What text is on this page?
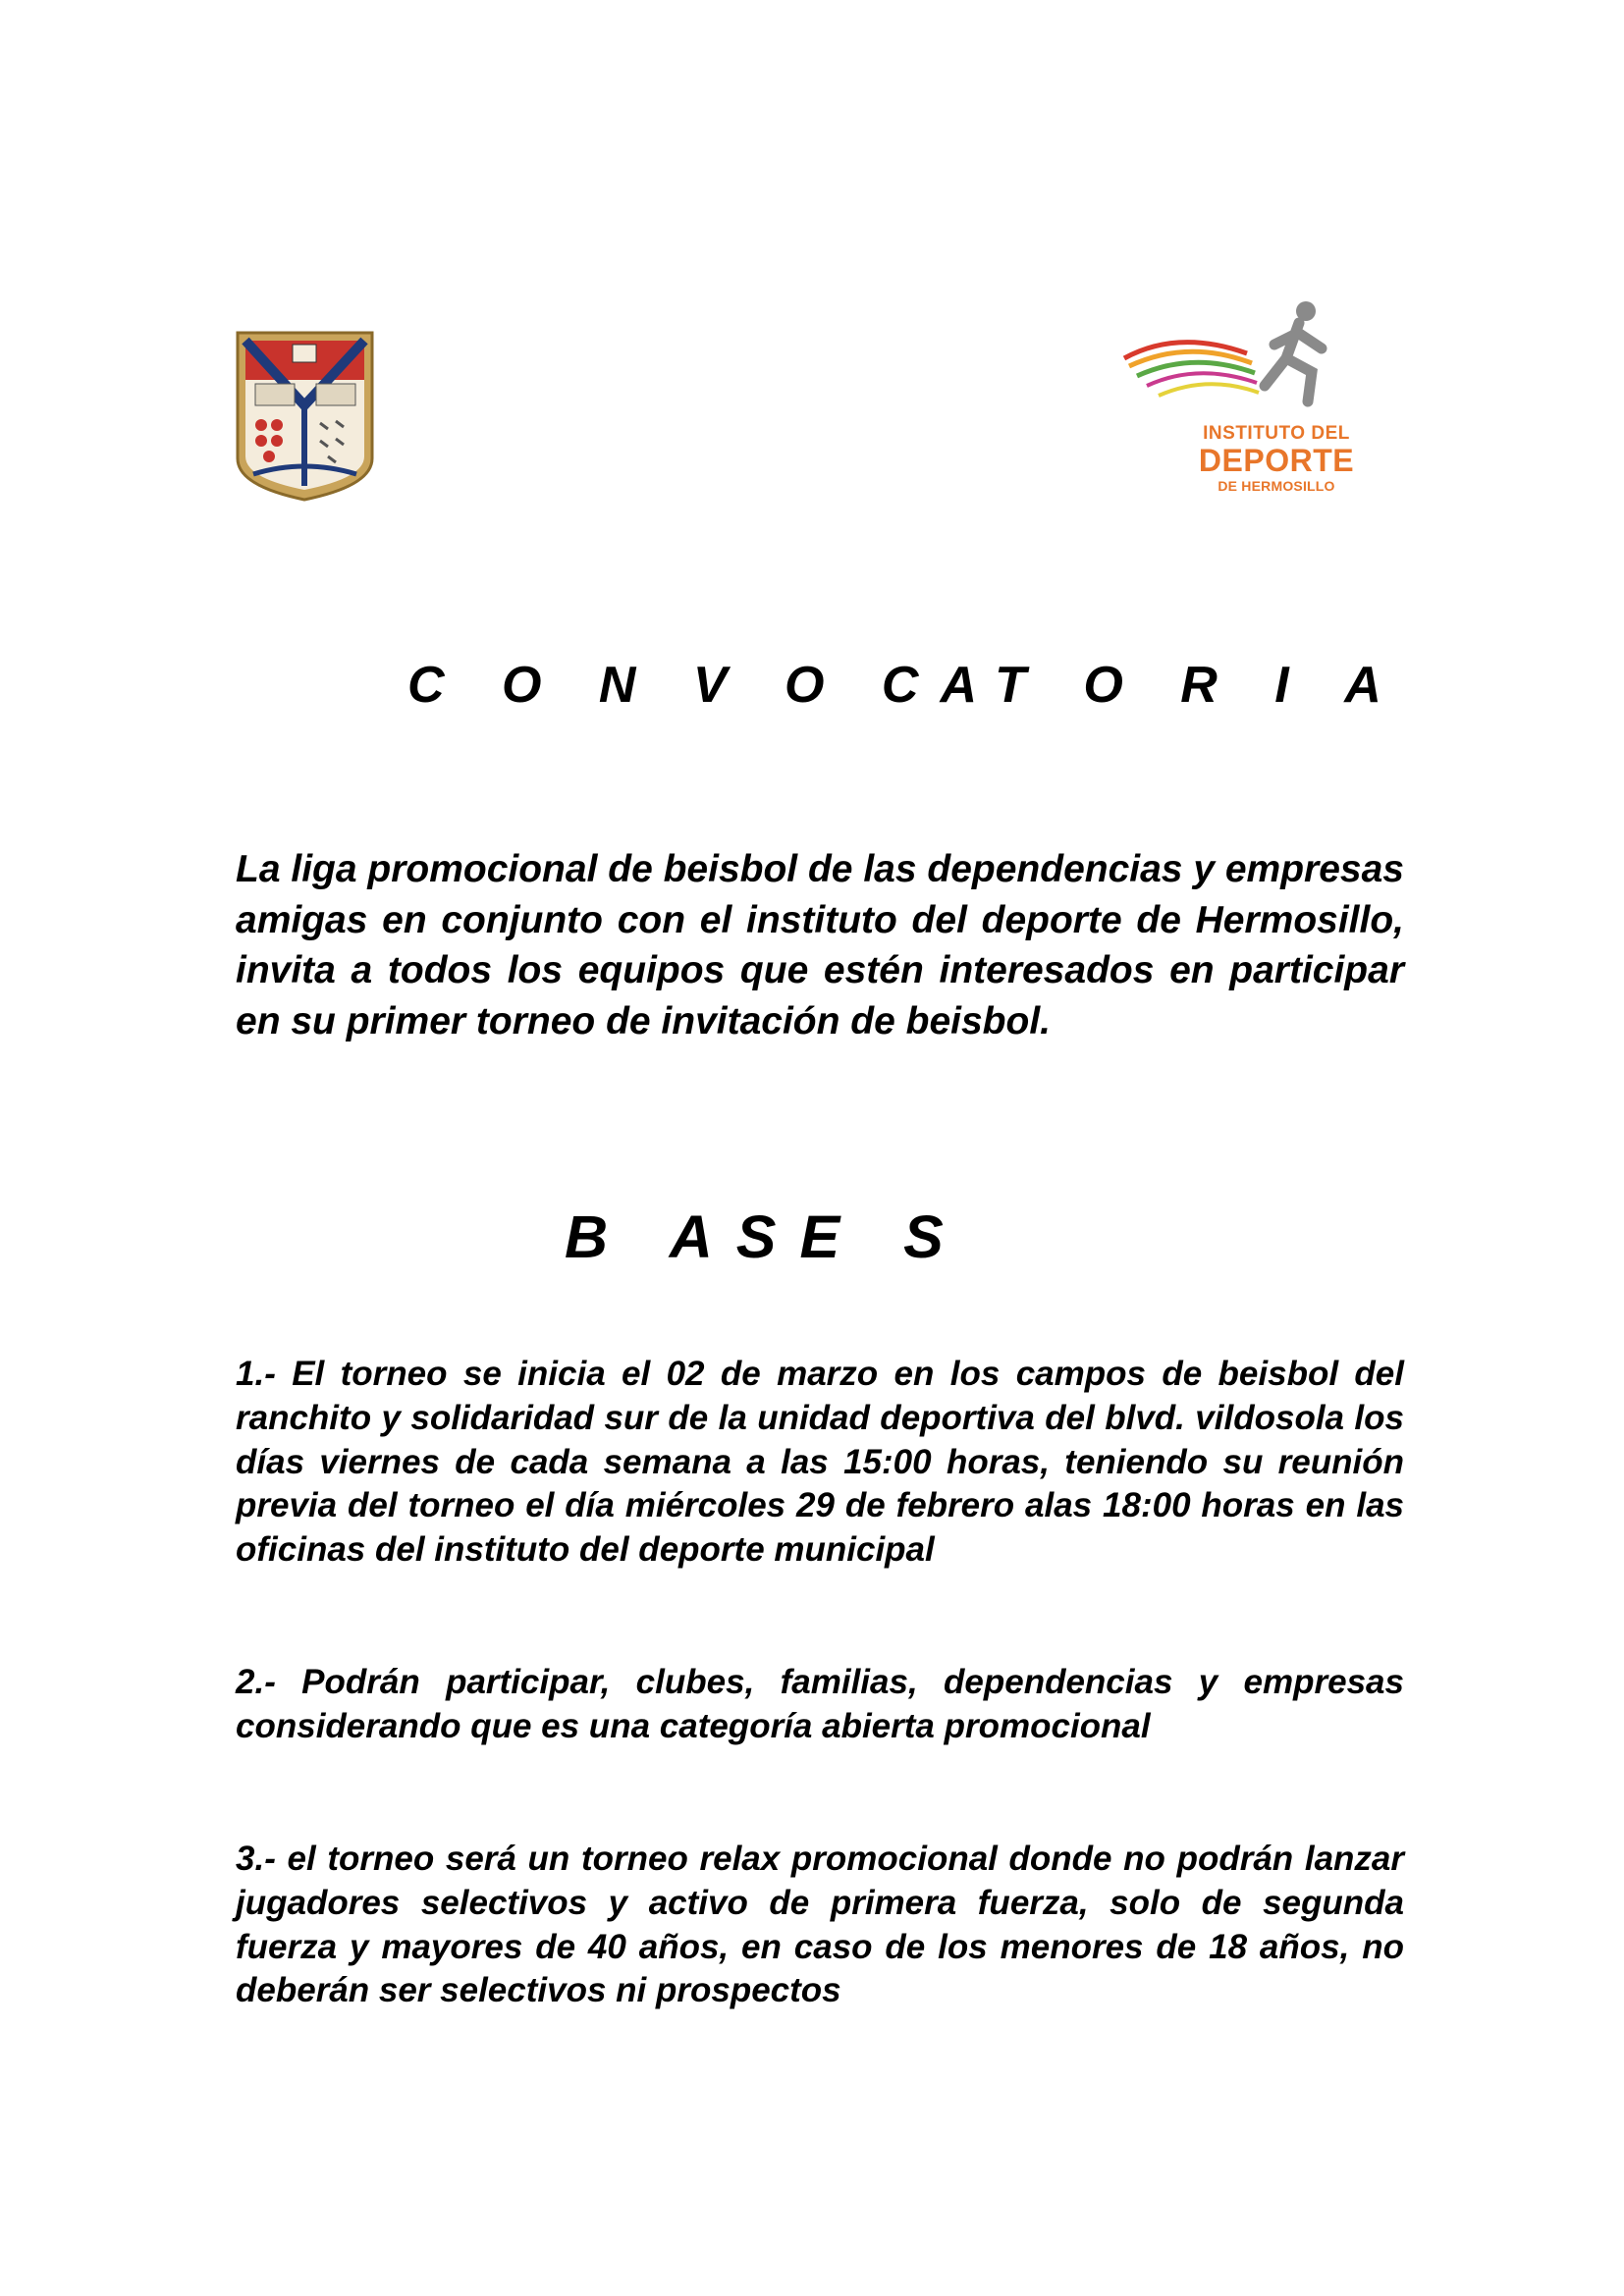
INSTITUTO DEL
DEPORTE
DE HERMOSILLO
C O N V O CAT O R I A

La liga promocional de beisbol de las dependencias y empresas amigas en conjunto con el instituto del deporte de Hermosillo, invita a todos los equipos que estén interesados en participar en su primer torneo de invitación de beisbol.

B ASE S

1.- El torneo se inicia el 02 de marzo en los campos de beisbol del ranchito y solidaridad sur de la unidad deportiva del blvd. vildosola los días viernes de cada semana a las 15:00 horas, teniendo su reunión previa del torneo el día miércoles 29 de febrero alas 18:00 horas en las oficinas del instituto del deporte municipal

2.- Podrán participar, clubes, familias, dependencias y empresas considerando que es una categoría abierta promocional

3.- el torneo será un torneo relax promocional donde no podrán lanzar jugadores selectivos y activo de primera fuerza, solo de segunda fuerza y mayores de 40 años, en caso de los menores de 18 años, no deberán ser selectivos ni prospectos
